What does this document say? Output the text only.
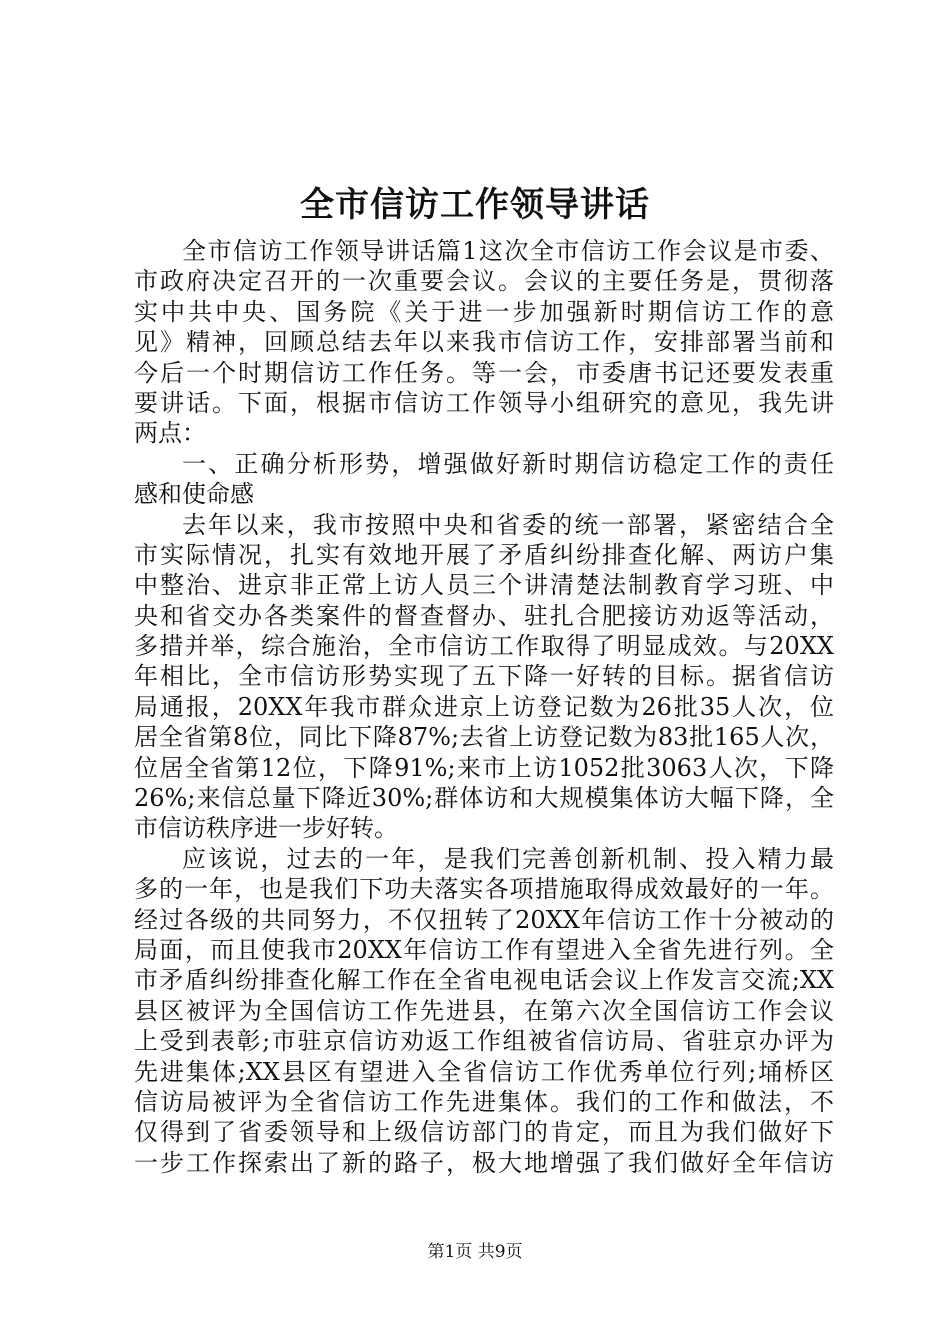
全市信访工作领导讲话
全市信访工作领导讲话篇1这次全市信访工作会议是市委、
市政府决定召开的一次重要会议。会议的主要任务是，贯彻落
实中共中央、国务院《关于进一步加强新时期信访工作的意
见》精神，回顾总结去年以来我市信访工作，安排部署当前和
今后一个时期信访工作任务。等一会，市委唐书记还要发表重
要讲话。下面，根据市信访工作领导小组研究的意见，我先讲
两点：
一、正确分析形势，增强做好新时期信访稳定工作的责任
感和使命感
去年以来，我市按照中央和省委的统一部署，紧密结合全
市实际情况，扎实有效地开展了矛盾纠纷排查化解、两访户集
中整治、进京非正常上访人员三个讲清楚法制教育学习班、中
央和省交办各类案件的督查督办、驻扎合肥接访劝返等活动，
多措并举，综合施治，全市信访工作取得了明显成效。与20XX
年相比，全市信访形势实现了五下降一好转的目标。据省信访
局通报，20XX年我市群众进京上访登记数为26批35人次，位
居全省第8位，同比下降87%;去省上访登记数为83批165人次，
位居全省第12位，下降91%;来市上访1052批3063人次，下降
26%;来信总量下降近30%;群体访和大规模集体访大幅下降，全
市信访秩序进一步好转。
应该说，过去的一年，是我们完善创新机制、投入精力最
多的一年，也是我们下功夫落实各项措施取得成效最好的一年。
经过各级的共同努力，不仅扭转了20XX年信访工作十分被动的
局面，而且使我市20XX年信访工作有望进入全省先进行列。全
市矛盾纠纷排查化解工作在全省电视电话会议上作发言交流;XX
县区被评为全国信访工作先进县，在第六次全国信访工作会议
上受到表彰;市驻京信访劝返工作组被省信访局、省驻京办评为
先进集体;XX县区有望进入全省信访工作优秀单位行列;埇桥区
信访局被评为全省信访工作先进集体。我们的工作和做法，不
仅得到了省委领导和上级信访部门的肯定，而且为我们做好下
一步工作探索出了新的路子，极大地增强了我们做好全年信访
第1页 共9页
